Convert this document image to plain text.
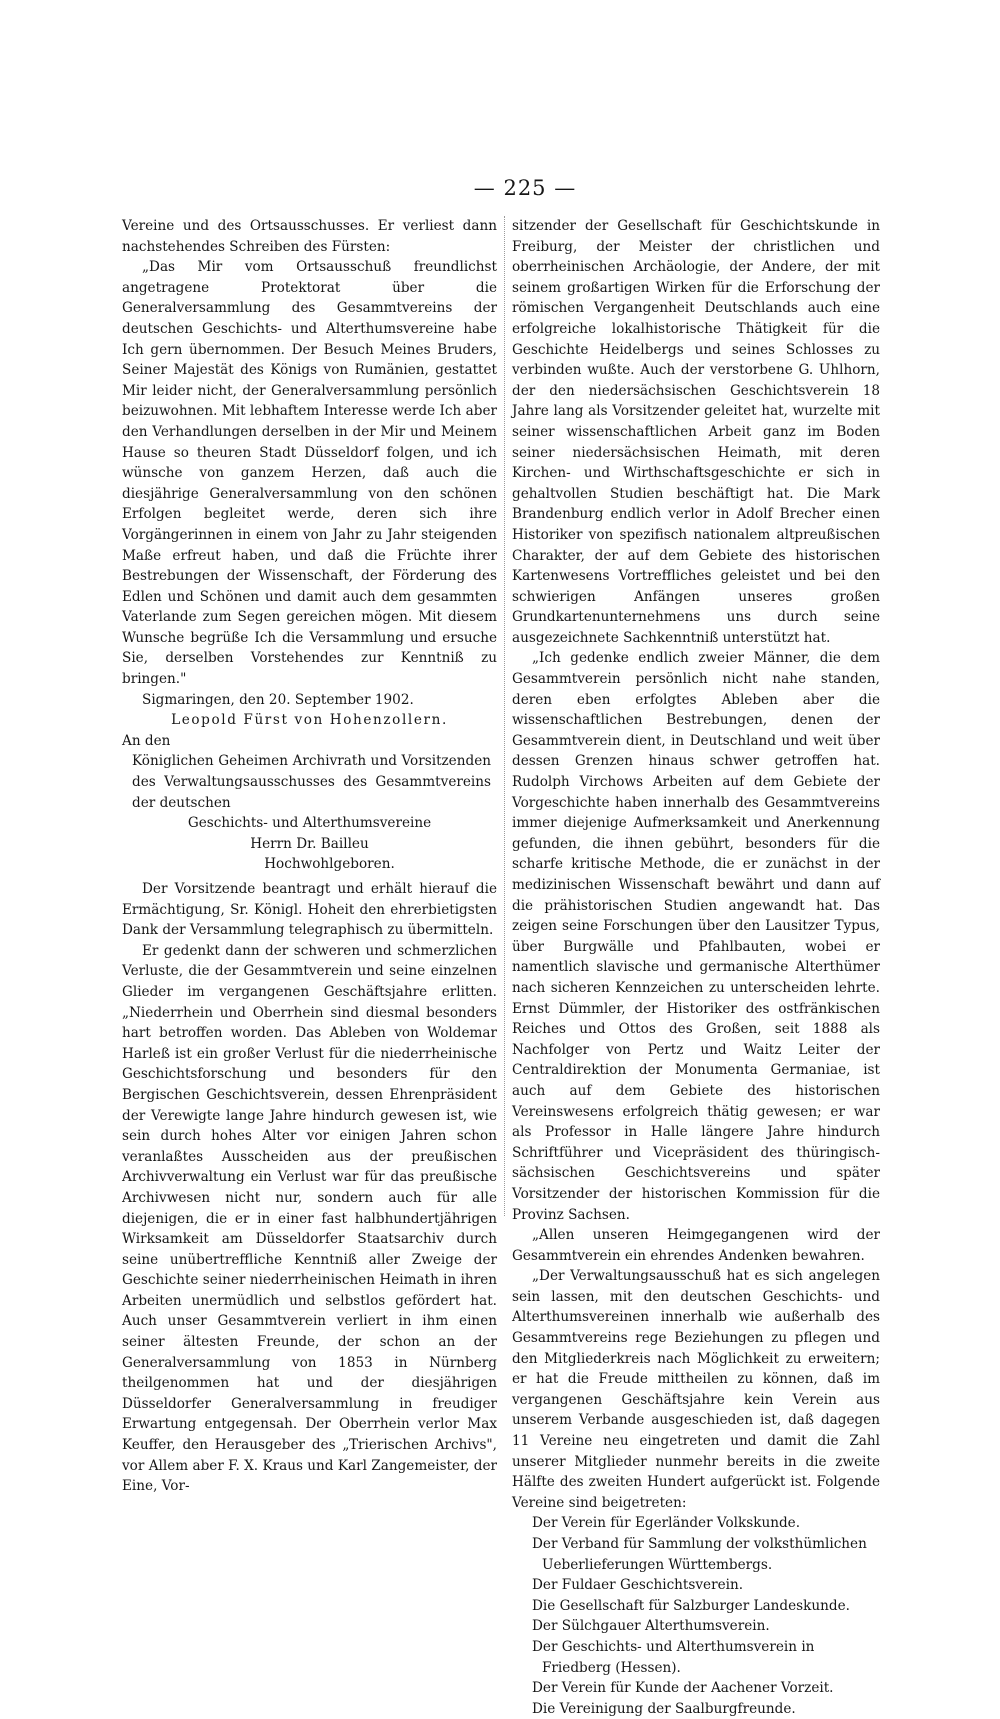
— 225 —

Vereine und des Ortsausschusses. Er verliest dann nachstehendes Schreiben des Fürsten:

„Das Mir vom Ortsausschuß freundlichst angetragene Protektorat über die Generalversammlung des Gesammtvereins der deutschen Geschichts- und Alterthumsvereine habe Ich gern übernommen. Der Besuch Meines Bruders, Seiner Majestät des Königs von Rumänien, gestattet Mir leider nicht, der Generalversammlung persönlich beizuwohnen. Mit lebhaftem Interesse werde Ich aber den Verhandlungen derselben in der Mir und Meinem Hause so theuren Stadt Düsseldorf folgen, und ich wünsche von ganzem Herzen, daß auch die diesjährige Generalversammlung von den schönen Erfolgen begleitet werde, deren sich ihre Vorgängerinnen in einem von Jahr zu Jahr steigenden Maße erfreut haben, und daß die Früchte ihrer Bestrebungen der Wissenschaft, der Förderung des Edlen und Schönen und damit auch dem gesammten Vaterlande zum Segen gereichen mögen. Mit diesem Wunsche begrüße Ich die Versammlung und ersuche Sie, derselben Vorstehendes zur Kenntniß zu bringen."

Sigmaringen, den 20. September 1902.

Leopold Fürst von Hohenzollern.

An den

Königlichen Geheimen Archivrath und Vorsitzenden des Verwaltungsausschusses des Gesammtvereins der deutschen

Geschichts- und Alterthumsvereine

Herrn Dr. Bailleu

Hochwohlgeboren.

Der Vorsitzende beantragt und erhält hierauf die Ermächtigung, Sr. Königl. Hoheit den ehrerbietigsten Dank der Versammlung telegraphisch zu übermitteln.

Er gedenkt dann der schweren und schmerzlichen Verluste, die der Gesammtverein und seine einzelnen Glieder im vergangenen Geschäftsjahre erlitten. „Niederrhein und Oberrhein sind diesmal besonders hart betroffen worden. Das Ableben von Woldemar Harleß ist ein großer Verlust für die niederrheinische Geschichtsforschung und besonders für den Bergischen Geschichtsverein, dessen Ehrenpräsident der Verewigte lange Jahre hindurch gewesen ist, wie sein durch hohes Alter vor einigen Jahren schon veranlaßtes Ausscheiden aus der preußischen Archivverwaltung ein Verlust war für das preußische Archivwesen nicht nur, sondern auch für alle diejenigen, die er in einer fast halbhundertjährigen Wirksamkeit am Düsseldorfer Staatsarchiv durch seine unübertreffliche Kenntniß aller Zweige der Geschichte seiner niederrheinischen Heimath in ihren Arbeiten unermüdlich und selbstlos gefördert hat. Auch unser Gesammtverein verliert in ihm einen seiner ältesten Freunde, der schon an der Generalversammlung von 1853 in Nürnberg theilgenommen hat und der diesjährigen Düsseldorfer Generalversammlung in freudiger Erwartung entgegensah. Der Oberrhein verlor Max Keuffer, den Herausgeber des „Trierischen Archivs", vor Allem aber F. X. Kraus und Karl Zangemeister, der Eine, Vor-

sitzender der Gesellschaft für Geschichtskunde in Freiburg, der Meister der christlichen und oberrheinischen Archäologie, der Andere, der mit seinem großartigen Wirken für die Erforschung der römischen Vergangenheit Deutschlands auch eine erfolgreiche lokalhistorische Thätigkeit für die Geschichte Heidelbergs und seines Schlosses zu verbinden wußte. Auch der verstorbene G. Uhlhorn, der den niedersächsischen Geschichtsverein 18 Jahre lang als Vorsitzender geleitet hat, wurzelte mit seiner wissenschaftlichen Arbeit ganz im Boden seiner niedersächsischen Heimath, mit deren Kirchen- und Wirthschaftsgeschichte er sich in gehaltvollen Studien beschäftigt hat. Die Mark Brandenburg endlich verlor in Adolf Brecher einen Historiker von spezifisch nationalem altpreußischen Charakter, der auf dem Gebiete des historischen Kartenwesens Vortreffliches geleistet und bei den schwierigen Anfängen unseres großen Grundkartenunternehmens uns durch seine ausgezeichnete Sachkenntniß unterstützt hat.

„Ich gedenke endlich zweier Männer, die dem Gesammtverein persönlich nicht nahe standen, deren eben erfolgtes Ableben aber die wissenschaftlichen Bestrebungen, denen der Gesammtverein dient, in Deutschland und weit über dessen Grenzen hinaus schwer getroffen hat. Rudolph Virchows Arbeiten auf dem Gebiete der Vorgeschichte haben innerhalb des Gesammtvereins immer diejenige Aufmerksamkeit und Anerkennung gefunden, die ihnen gebührt, besonders für die scharfe kritische Methode, die er zunächst in der medizinischen Wissenschaft bewährt und dann auf die prähistorischen Studien angewandt hat. Das zeigen seine Forschungen über den Lausitzer Typus, über Burgwälle und Pfahlbauten, wobei er namentlich slavische und germanische Alterthümer nach sicheren Kennzeichen zu unterscheiden lehrte. Ernst Dümmler, der Historiker des ostfränkischen Reiches und Ottos des Großen, seit 1888 als Nachfolger von Pertz und Waitz Leiter der Centraldirektion der Monumenta Germaniae, ist auch auf dem Gebiete des historischen Vereinswesens erfolgreich thätig gewesen; er war als Professor in Halle längere Jahre hindurch Schriftführer und Vicepräsident des thüringisch-sächsischen Geschichtsvereins und später Vorsitzender der historischen Kommission für die Provinz Sachsen.

„Allen unseren Heimgegangenen wird der Gesammtverein ein ehrendes Andenken bewahren.

„Der Verwaltungsausschuß hat es sich angelegen sein lassen, mit den deutschen Geschichts- und Alterthumsvereinen innerhalb wie außerhalb des Gesammtvereins rege Beziehungen zu pflegen und den Mitgliederkreis nach Möglichkeit zu erweitern; er hat die Freude mittheilen zu können, daß im vergangenen Geschäftsjahre kein Verein aus unserem Verbande ausgeschieden ist, daß dagegen 11 Vereine neu eingetreten und damit die Zahl unserer Mitglieder nunmehr bereits in die zweite Hälfte des zweiten Hundert aufgerückt ist. Folgende Vereine sind beigetreten:

Der Verein für Egerländer Volkskunde.
Der Verband für Sammlung der volksthümlichen Ueberlieferungen Württembergs.
Der Fuldaer Geschichtsverein.
Die Gesellschaft für Salzburger Landeskunde.
Der Sülchgauer Alterthumsverein.
Der Geschichts- und Alterthumsverein in Friedberg (Hessen).
Der Verein für Kunde der Aachener Vorzeit.
Die Vereinigung der Saalburgfreunde.
